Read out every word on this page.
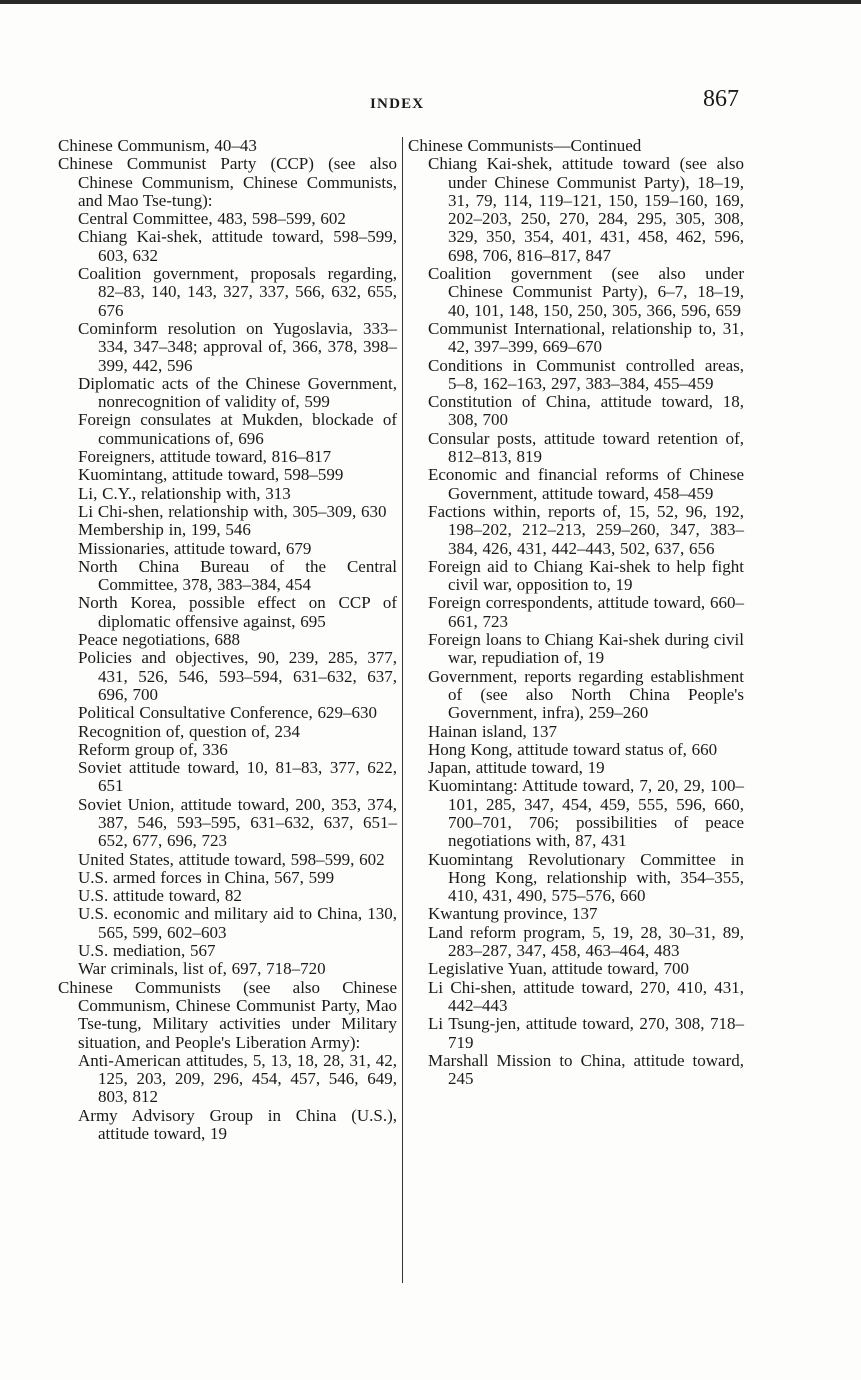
INDEX	867

Chinese Communism, 40–43

Chinese Communist Party (CCP) (see also Chinese Communism, Chinese Communists, and Mao Tse-tung):

Central Committee, 483, 598–599, 602

Chiang Kai-shek, attitude toward, 598–599, 603, 632

Coalition government, proposals regarding, 82–83, 140, 143, 327, 337, 566, 632, 655, 676

Cominform resolution on Yugoslavia, 333–334, 347–348; approval of, 366, 378, 398–399, 442, 596

Diplomatic acts of the Chinese Government, nonrecognition of validity of, 599

Foreign consulates at Mukden, blockade of communications of, 696

Foreigners, attitude toward, 816–817

Kuomintang, attitude toward, 598–599

Li, C.Y., relationship with, 313

Li Chi-shen, relationship with, 305–309, 630

Membership in, 199, 546

Missionaries, attitude toward, 679

North China Bureau of the Central Committee, 378, 383–384, 454

North Korea, possible effect on CCP of diplomatic offensive against, 695

Peace negotiations, 688

Policies and objectives, 90, 239, 285, 377, 431, 526, 546, 593–594, 631–632, 637, 696, 700

Political Consultative Conference, 629–630

Recognition of, question of, 234

Reform group of, 336

Soviet attitude toward, 10, 81–83, 377, 622, 651

Soviet Union, attitude toward, 200, 353, 374, 387, 546, 593–595, 631–632, 637, 651–652, 677, 696, 723

United States, attitude toward, 598–599, 602

U.S. armed forces in China, 567, 599

U.S. attitude toward, 82

U.S. economic and military aid to China, 130, 565, 599, 602–603

U.S. mediation, 567

War criminals, list of, 697, 718–720

Chinese Communists (see also Chinese Communism, Chinese Communist Party, Mao Tse-tung, Military activities under Military situation, and People's Liberation Army):

Anti-American attitudes, 5, 13, 18, 28, 31, 42, 125, 203, 209, 296, 454, 457, 546, 649, 803, 812

Army Advisory Group in China (U.S.), attitude toward, 19

Chinese Communists—Continued

Chiang Kai-shek, attitude toward (see also under Chinese Communist Party), 18–19, 31, 79, 114, 119–121, 150, 159–160, 169, 202–203, 250, 270, 284, 295, 305, 308, 329, 350, 354, 401, 431, 458, 462, 596, 698, 706, 816–817, 847

Coalition government (see also under Chinese Communist Party), 6–7, 18–19, 40, 101, 148, 150, 250, 305, 366, 596, 659

Communist International, relationship to, 31, 42, 397–399, 669–670

Conditions in Communist controlled areas, 5–8, 162–163, 297, 383–384, 455–459

Constitution of China, attitude toward, 18, 308, 700

Consular posts, attitude toward retention of, 812–813, 819

Economic and financial reforms of Chinese Government, attitude toward, 458–459

Factions within, reports of, 15, 52, 96, 192, 198–202, 212–213, 259–260, 347, 383–384, 426, 431, 442–443, 502, 637, 656

Foreign aid to Chiang Kai-shek to help fight civil war, opposition to, 19

Foreign correspondents, attitude toward, 660–661, 723

Foreign loans to Chiang Kai-shek during civil war, repudiation of, 19

Government, reports regarding establishment of (see also North China People's Government, infra), 259–260

Hainan island, 137

Hong Kong, attitude toward status of, 660

Japan, attitude toward, 19

Kuomintang: Attitude toward, 7, 20, 29, 100–101, 285, 347, 454, 459, 555, 596, 660, 700–701, 706; possibilities of peace negotiations with, 87, 431

Kuomintang Revolutionary Committee in Hong Kong, relationship with, 354–355, 410, 431, 490, 575–576, 660

Kwantung province, 137

Land reform program, 5, 19, 28, 30–31, 89, 283–287, 347, 458, 463–464, 483

Legislative Yuan, attitude toward, 700

Li Chi-shen, attitude toward, 270, 410, 431, 442–443

Li Tsung-jen, attitude toward, 270, 308, 718–719

Marshall Mission to China, attitude toward, 245
